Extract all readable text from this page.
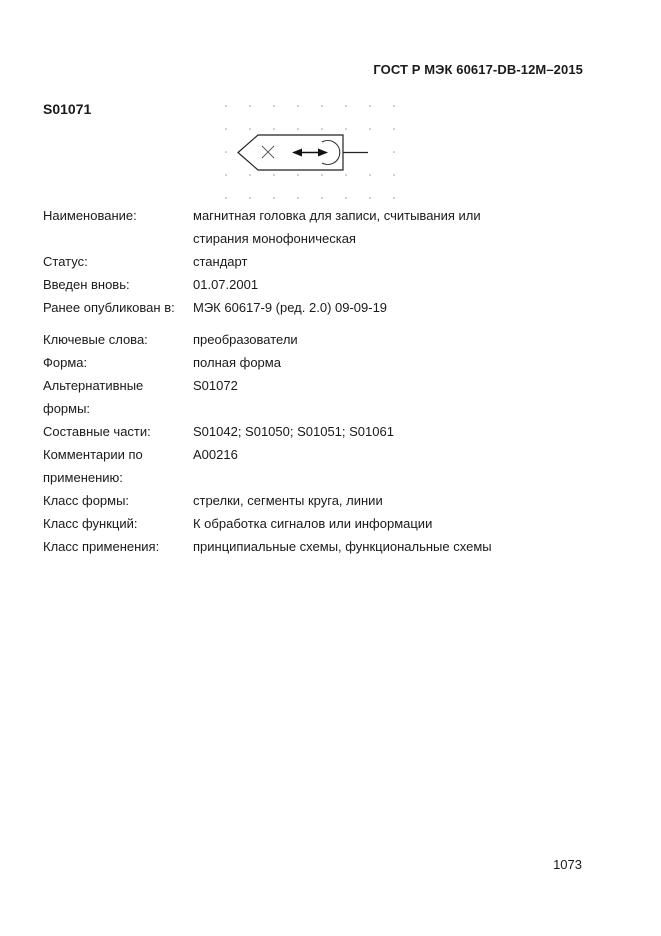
ГОСТ Р МЭК 60617-DB-12M–2015
S01071
Наименование:	магнитная головка для записи, считывания или
стирания монофоническая
Статус:	стандарт
Введен вновь:	01.07.2001
Ранее опубликован в:	МЭК 60617-9 (ред. 2.0) 09-09-19
Ключевые слова:	преобразователи
Форма:	полная форма
Альтернативные
формы:
S01072
Составные части:	S01042; S01050; S01051; S01061
Комментарии по
применению:
A00216
Класс формы:	стрелки, сегменты круга, линии
Класс функций:	К обработка сигналов или информации
Класс применения:	принципиальные схемы, функциональные схемы
1073
